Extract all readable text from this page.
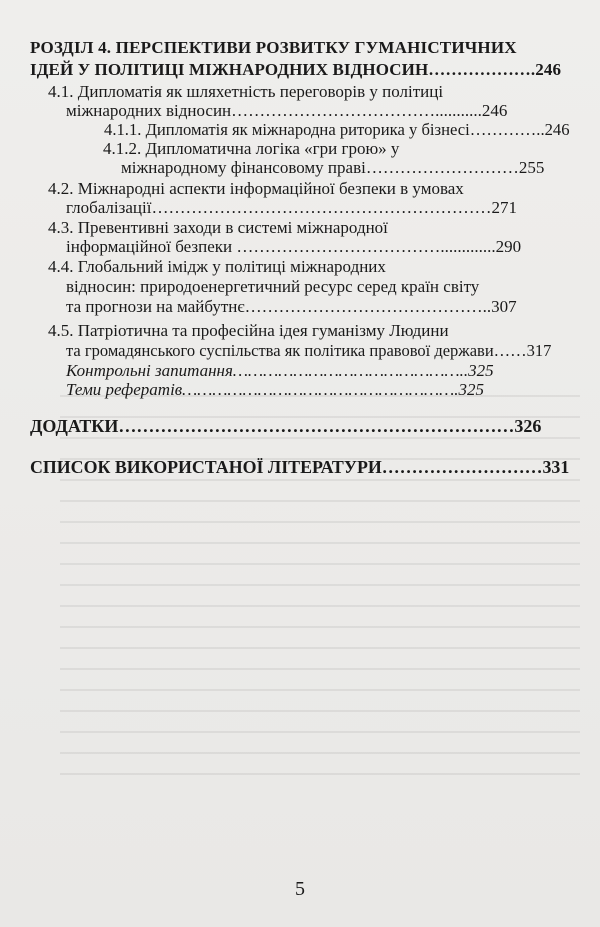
РОЗДІЛ 4. ПЕРСПЕКТИВИ РОЗВИТКУ ГУМАНІСТИЧНИХ
ІДЕЙ У ПОЛІТИЦІ МІЖНАРОДНИХ ВІДНОСИН……………….246
4.1. Дипломатія як шляхетність переговорів у політиці
міжнародних відносин………………………………...........246
4.1.1. Дипломатія як міжнародна риторика у бізнесі…………..246
4.1.2. Дипломатична логіка «гри грою» у
міжнародному фінансовому праві………………………255
4.2. Міжнародні аспекти інформаційної безпеки в умовах
глобалізації……………………………………………………271
4.3. Превентивні заходи в системі міжнародної
інформаційної безпеки ……………………………….............290
4.4. Глобальний імідж у політиці міжнародних
відносин: природоенергетичний ресурс серед країн світу
та прогнози на майбутнє……………………………………..307
4.5. Патріотична та професійна ідея гуманізму Людини
та громадянського суспільства як політика правової держави……317
Контрольні запитання………………………………………..325
Теми рефератів……………………………………………….325
ДОДАТКИ…………………………………………………………326
СПИСОК ВИКОРИСТАНОЇ ЛІТЕРАТУРИ………………………331
5
